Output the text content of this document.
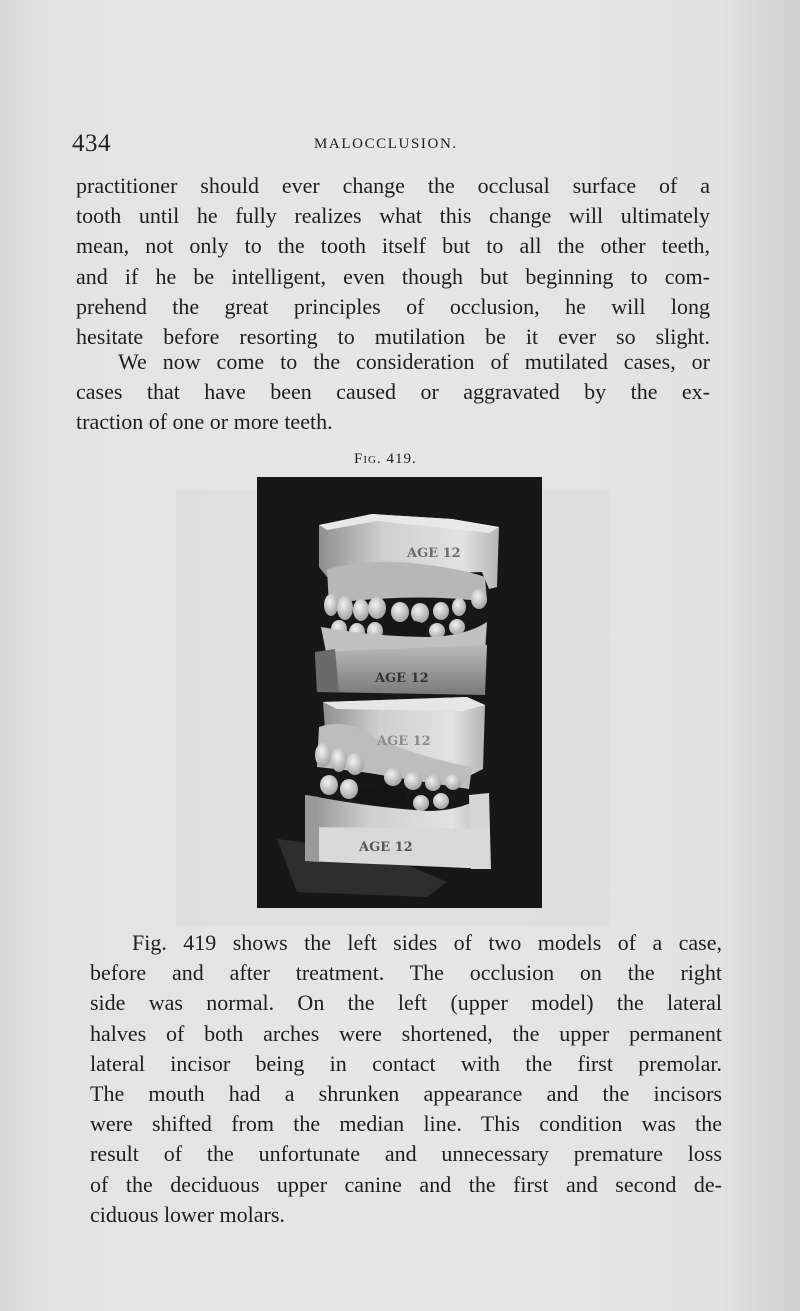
434	MALOCCLUSION.

practitioner should ever change the occlusal surface of a
tooth until he fully realizes what this change will ultimately
mean, not only to the tooth itself but to all the other teeth,
and if he be intelligent, even though but beginning to com-
prehend the great principles of occlusion, he will long
hesitate before resorting to mutilation be it ever so slight.

We now come to the consideration of mutilated cases, or
cases that have been caused or aggravated by the ex-
traction of one or more teeth.

Fig. 419.
AGE 12
AGE 12
AGE 12
AGE 12

Fig. 419 shows the left sides of two models of a case,
before and after treatment. The occlusion on the right
side was normal. On the left (upper model) the lateral
halves of both arches were shortened, the upper permanent
lateral incisor being in contact with the first premolar.
The mouth had a shrunken appearance and the incisors
were shifted from the median line. This condition was the
result of the unfortunate and unnecessary premature loss
of the deciduous upper canine and the first and second de-
ciduous lower molars.
